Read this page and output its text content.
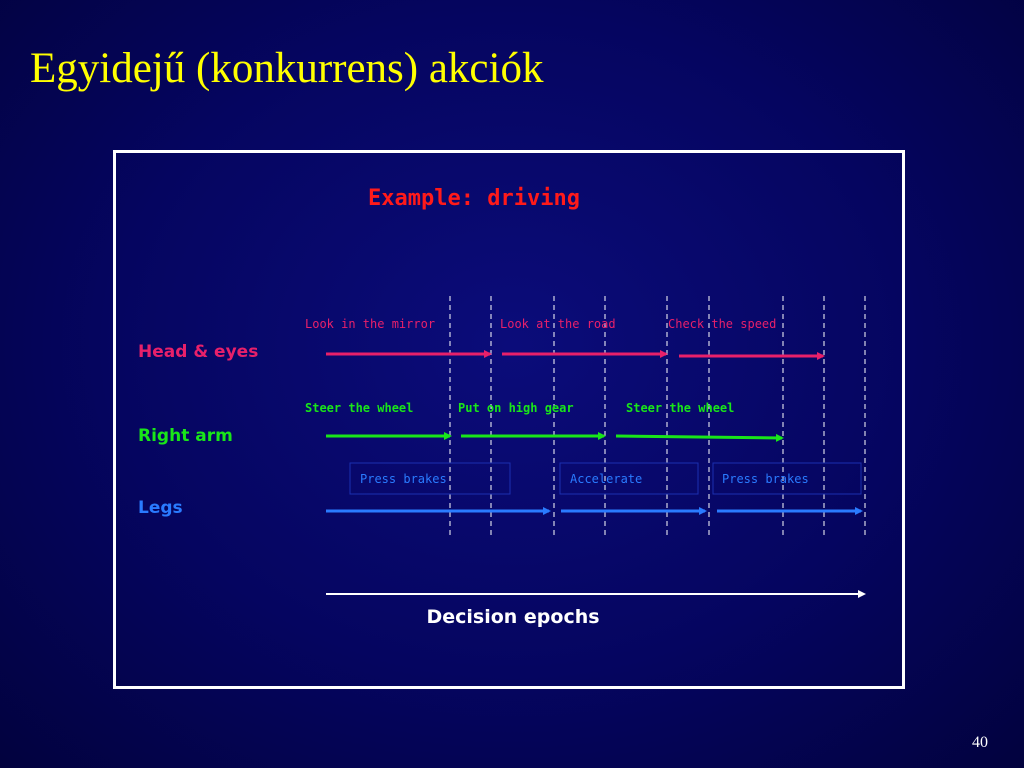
Egyidejű (konkurrens) akciók
Example: driving
Head & eyes
Look in the mirror	Look at the road	Check the speed
Right arm
Steer the wheel	Put on high gear	Steer the wheel
Legs
Press brakes	Accelerate	Press brakes
Decision epochs
40
